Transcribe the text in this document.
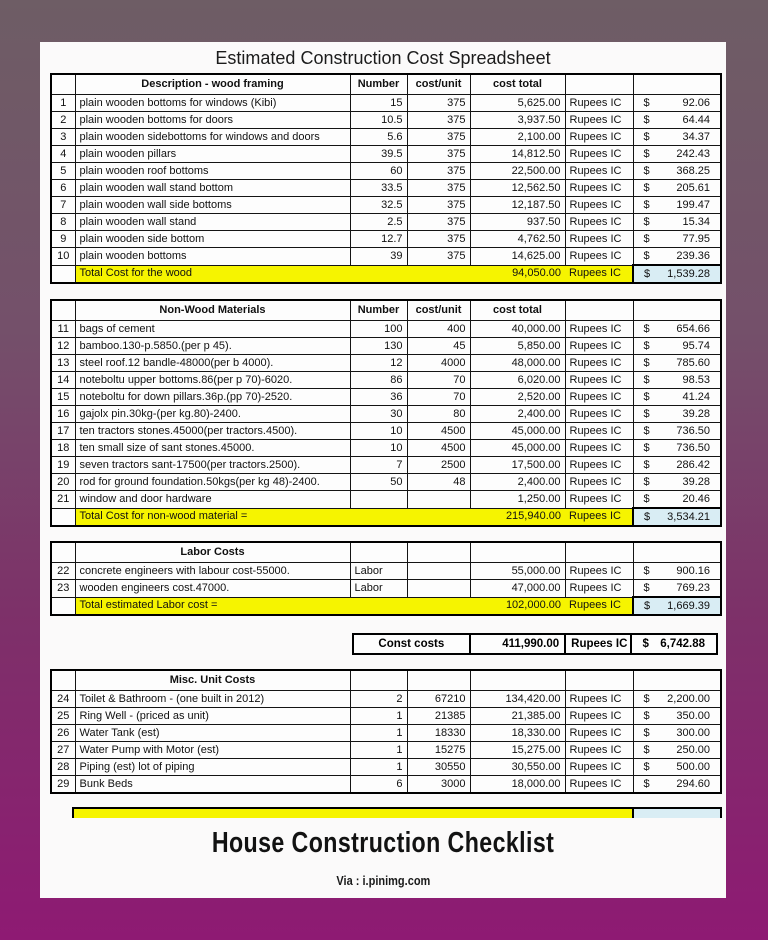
Estimated Construction Cost Spreadsheet
	Description - wood framing	Number	cost/unit	cost total		
1	plain wooden bottoms for windows (Kibi)	15	375	5,625.00	Rupees IC	$ 92.06

2	plain wooden bottoms for doors	10.5	375	3,937.50	Rupees IC	$ 64.44

3	plain wooden sidebottoms for windows and doors	5.6	375	2,100.00	Rupees IC	$ 34.37

4	plain wooden pillars	39.5	375	14,812.50	Rupees IC	$ 242.43

5	plain wooden roof bottoms	60	375	22,500.00	Rupees IC	$ 368.25

6	plain wooden wall stand bottom	33.5	375	12,562.50	Rupees IC	$ 205.61

7	plain wooden wall side bottoms	32.5	375	12,187.50	Rupees IC	$ 199.47

8	plain wooden wall stand	2.5	375	937.50	Rupees IC	$ 15.34

9	plain wooden side bottom	12.7	375	4,762.50	Rupees IC	$ 77.95

10	plain wooden bottoms	39	375	14,625.00	Rupees IC	$ 239.36

	Total Cost for the wood			94,050.00	Rupees IC	$ 1,539.28
	Non-Wood Materials	Number	cost/unit	cost total		
11	bags of cement	100	400	40,000.00	Rupees IC	$ 654.66

12	bamboo.130-p.5850.(per p 45).	130	45	5,850.00	Rupees IC	$ 95.74

13	steel roof.12 bandle-48000(per b 4000).	12	4000	48,000.00	Rupees IC	$ 785.60

14	noteboltu upper bottoms.86(per p 70)-6020.	86	70	6,020.00	Rupees IC	$ 98.53

15	noteboltu for down pillars.36p.(pp 70)-2520.	36	70	2,520.00	Rupees IC	$ 41.24

16	gajolx pin.30kg-(per kg.80)-2400.	30	80	2,400.00	Rupees IC	$ 39.28

17	ten tractors stones.45000(per tractors.4500).	10	4500	45,000.00	Rupees IC	$ 736.50

18	ten small size of sant stones.45000.	10	4500	45,000.00	Rupees IC	$ 736.50

19	seven tractors sant-17500(per tractors.2500).	7	2500	17,500.00	Rupees IC	$ 286.42

20	rod for ground foundation.50kgs(per kg 48)-2400.	50	48	2,400.00	Rupees IC	$ 39.28

21	window and door hardware			1,250.00	Rupees IC	$ 20.46

	Total Cost for non-wood material =			215,940.00	Rupees IC	$ 3,534.21
	Labor Costs					
22	concrete engineers with labour cost-55000.	Labor		55,000.00	Rupees IC	$ 900.16

23	wooden engineers cost.47000.	Labor		47,000.00	Rupees IC	$ 769.23

	Total estimated Labor cost =			102,000.00	Rupees IC	$ 1,669.39
Const costs	411,990.00	Rupees IC	$ 6,742.88
	Misc. Unit Costs					
24	Toilet & Bathroom - (one built in 2012)	2	67210	134,420.00	Rupees IC	$ 2,200.00

25	Ring Well - (priced as unit)	1	21385	21,385.00	Rupees IC	$ 350.00

26	Water Tank (est)	1	18330	18,330.00	Rupees IC	$ 300.00

27	Water Pump with Motor (est)	1	15275	15,275.00	Rupees IC	$ 250.00

28	Piping (est) lot of piping	1	30550	30,550.00	Rupees IC	$ 500.00

29	Bunk Beds	6	3000	18,000.00	Rupees IC	$ 294.60
House Construction Checklist
Via : i.pinimg.com
